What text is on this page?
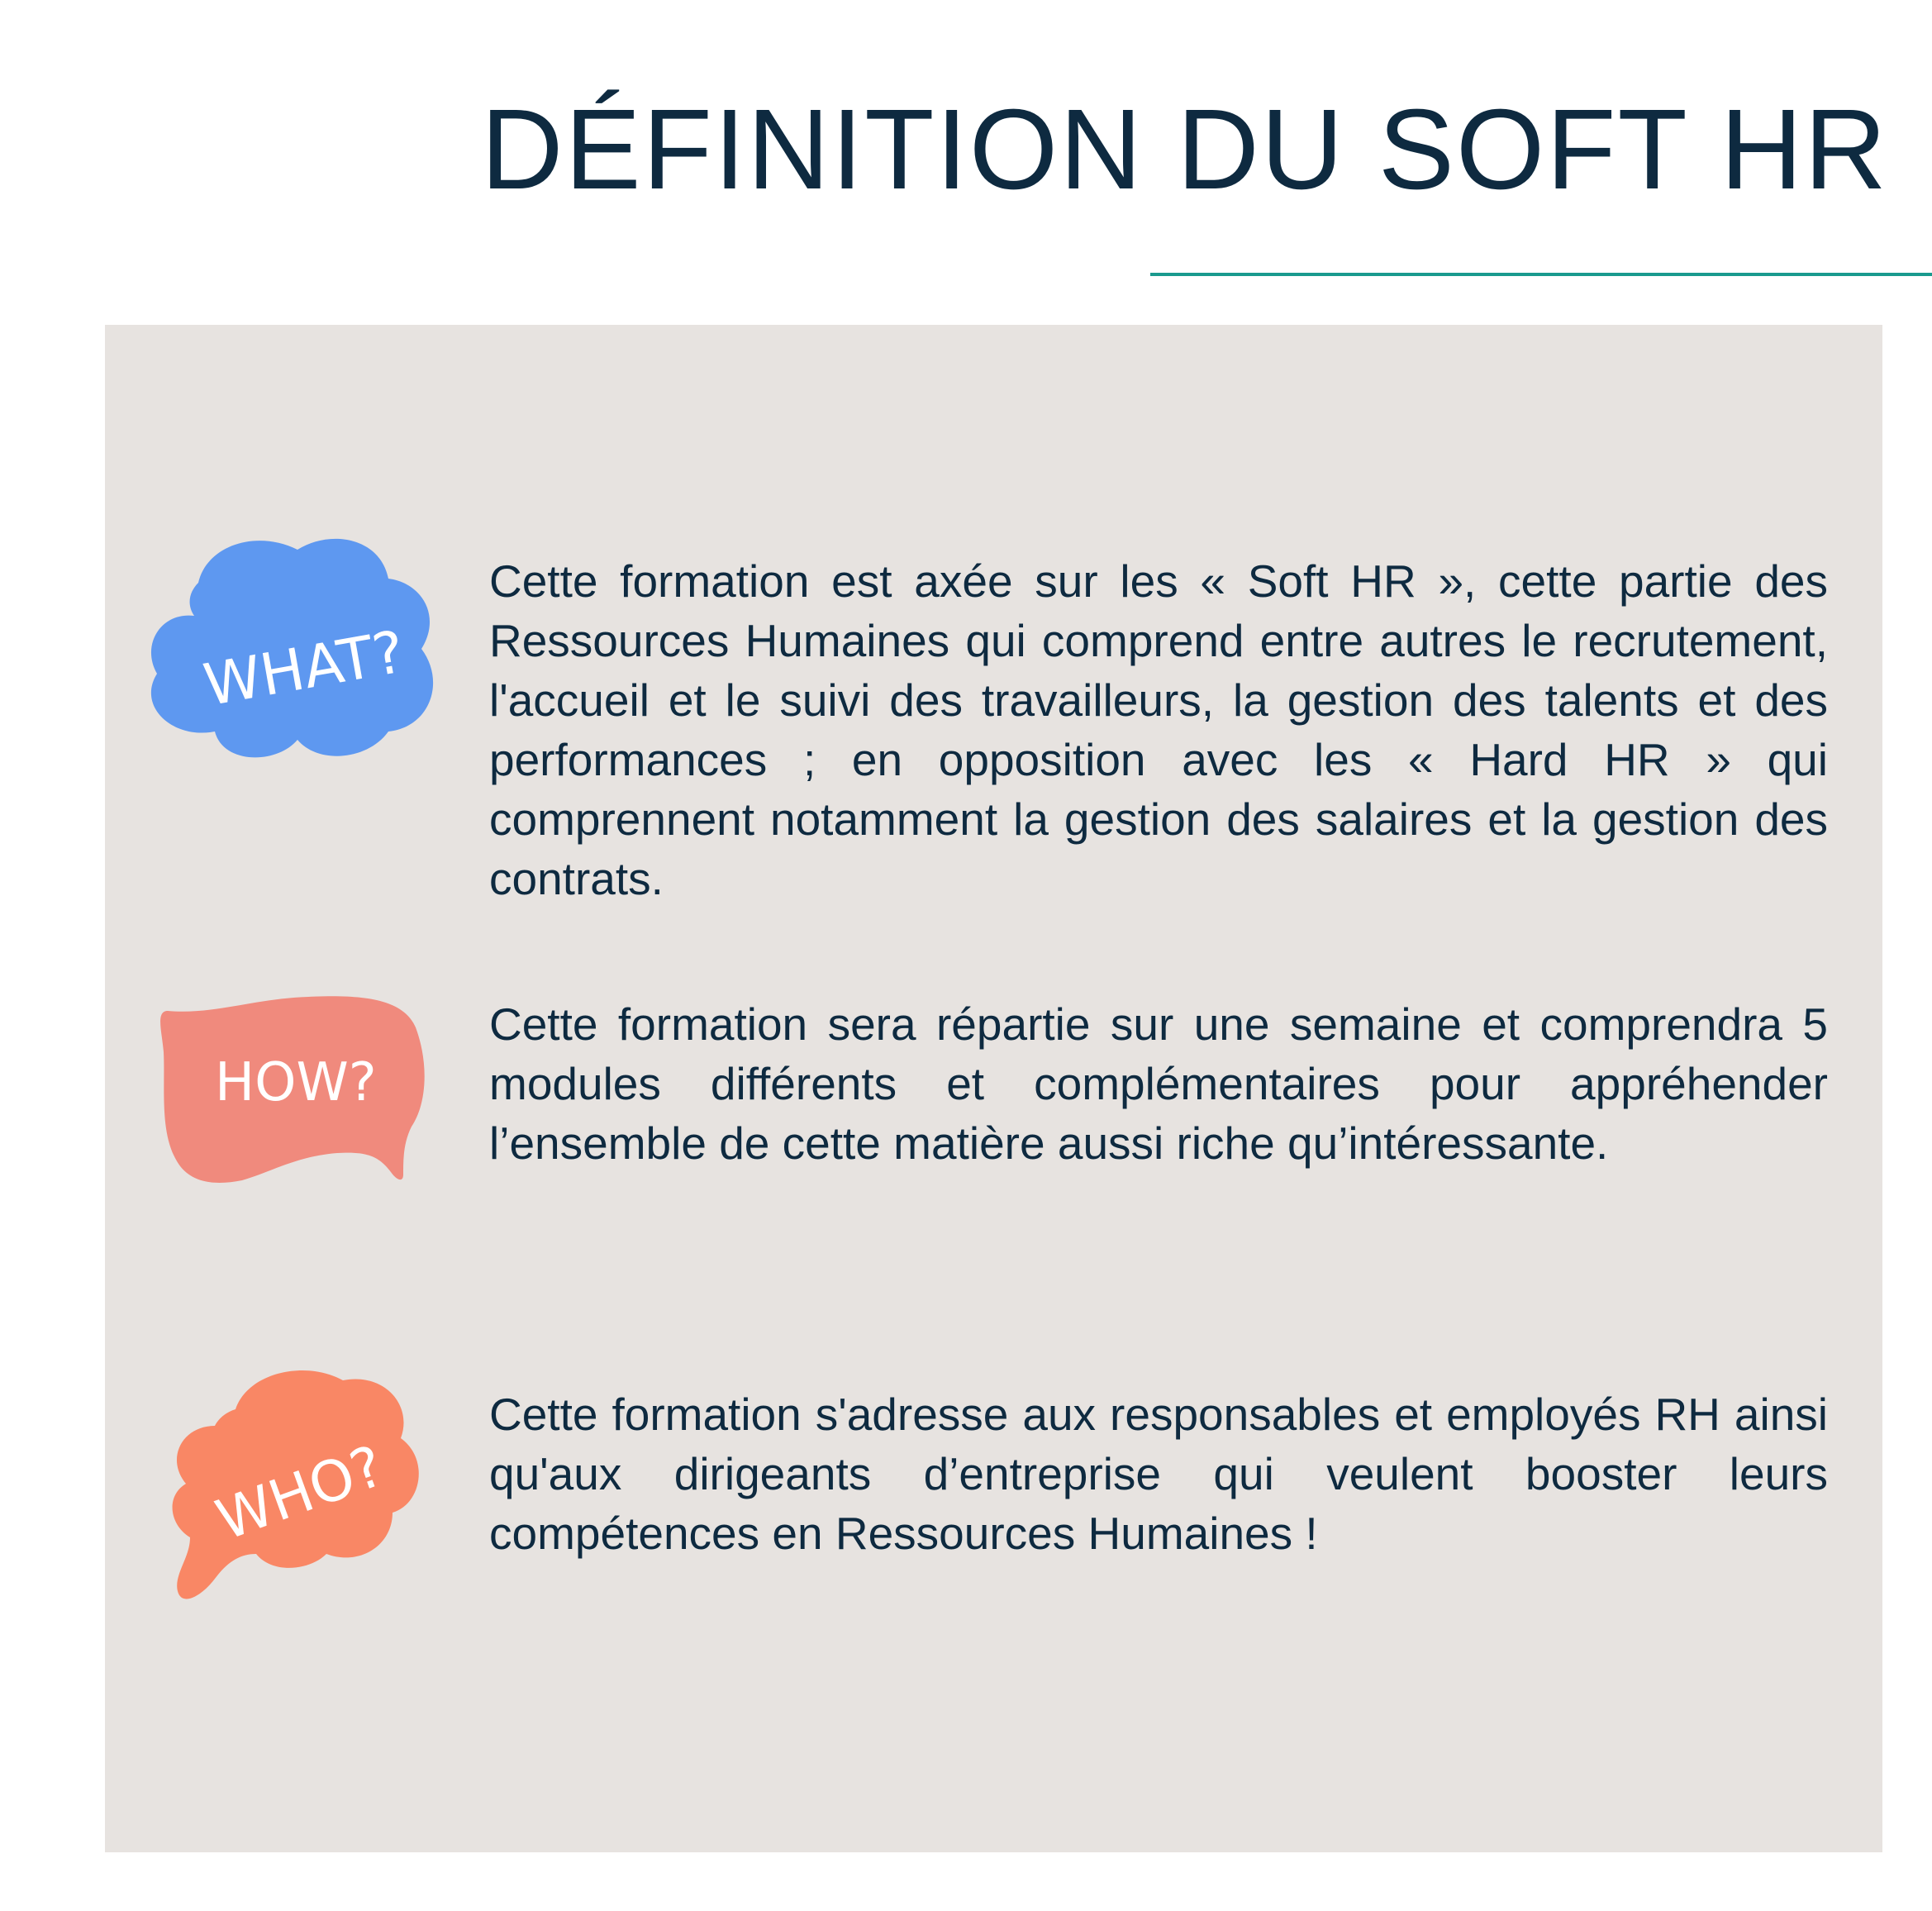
DÉFINITION DU SOFT HR
WHAT?

Cette formation est axée sur les « Soft HR », cette partie des Ressources Humaines qui comprend entre autres le recrutement, l'accueil et le suivi des travailleurs, la gestion des talents et des performances ; en opposition avec les « Hard HR » qui comprennent notamment la gestion des salaires et la gestion des contrats.

HOW?

Cette formation sera répartie sur une semaine et comprendra 5 modules différents et complémentaires pour appréhender l’ensemble de cette matière aussi riche qu’intéressante.

WHO?

Cette formation s'adresse aux responsables et employés RH ainsi qu'aux dirigeants d’entreprise qui veulent booster leurs compétences en Ressources Humaines !
